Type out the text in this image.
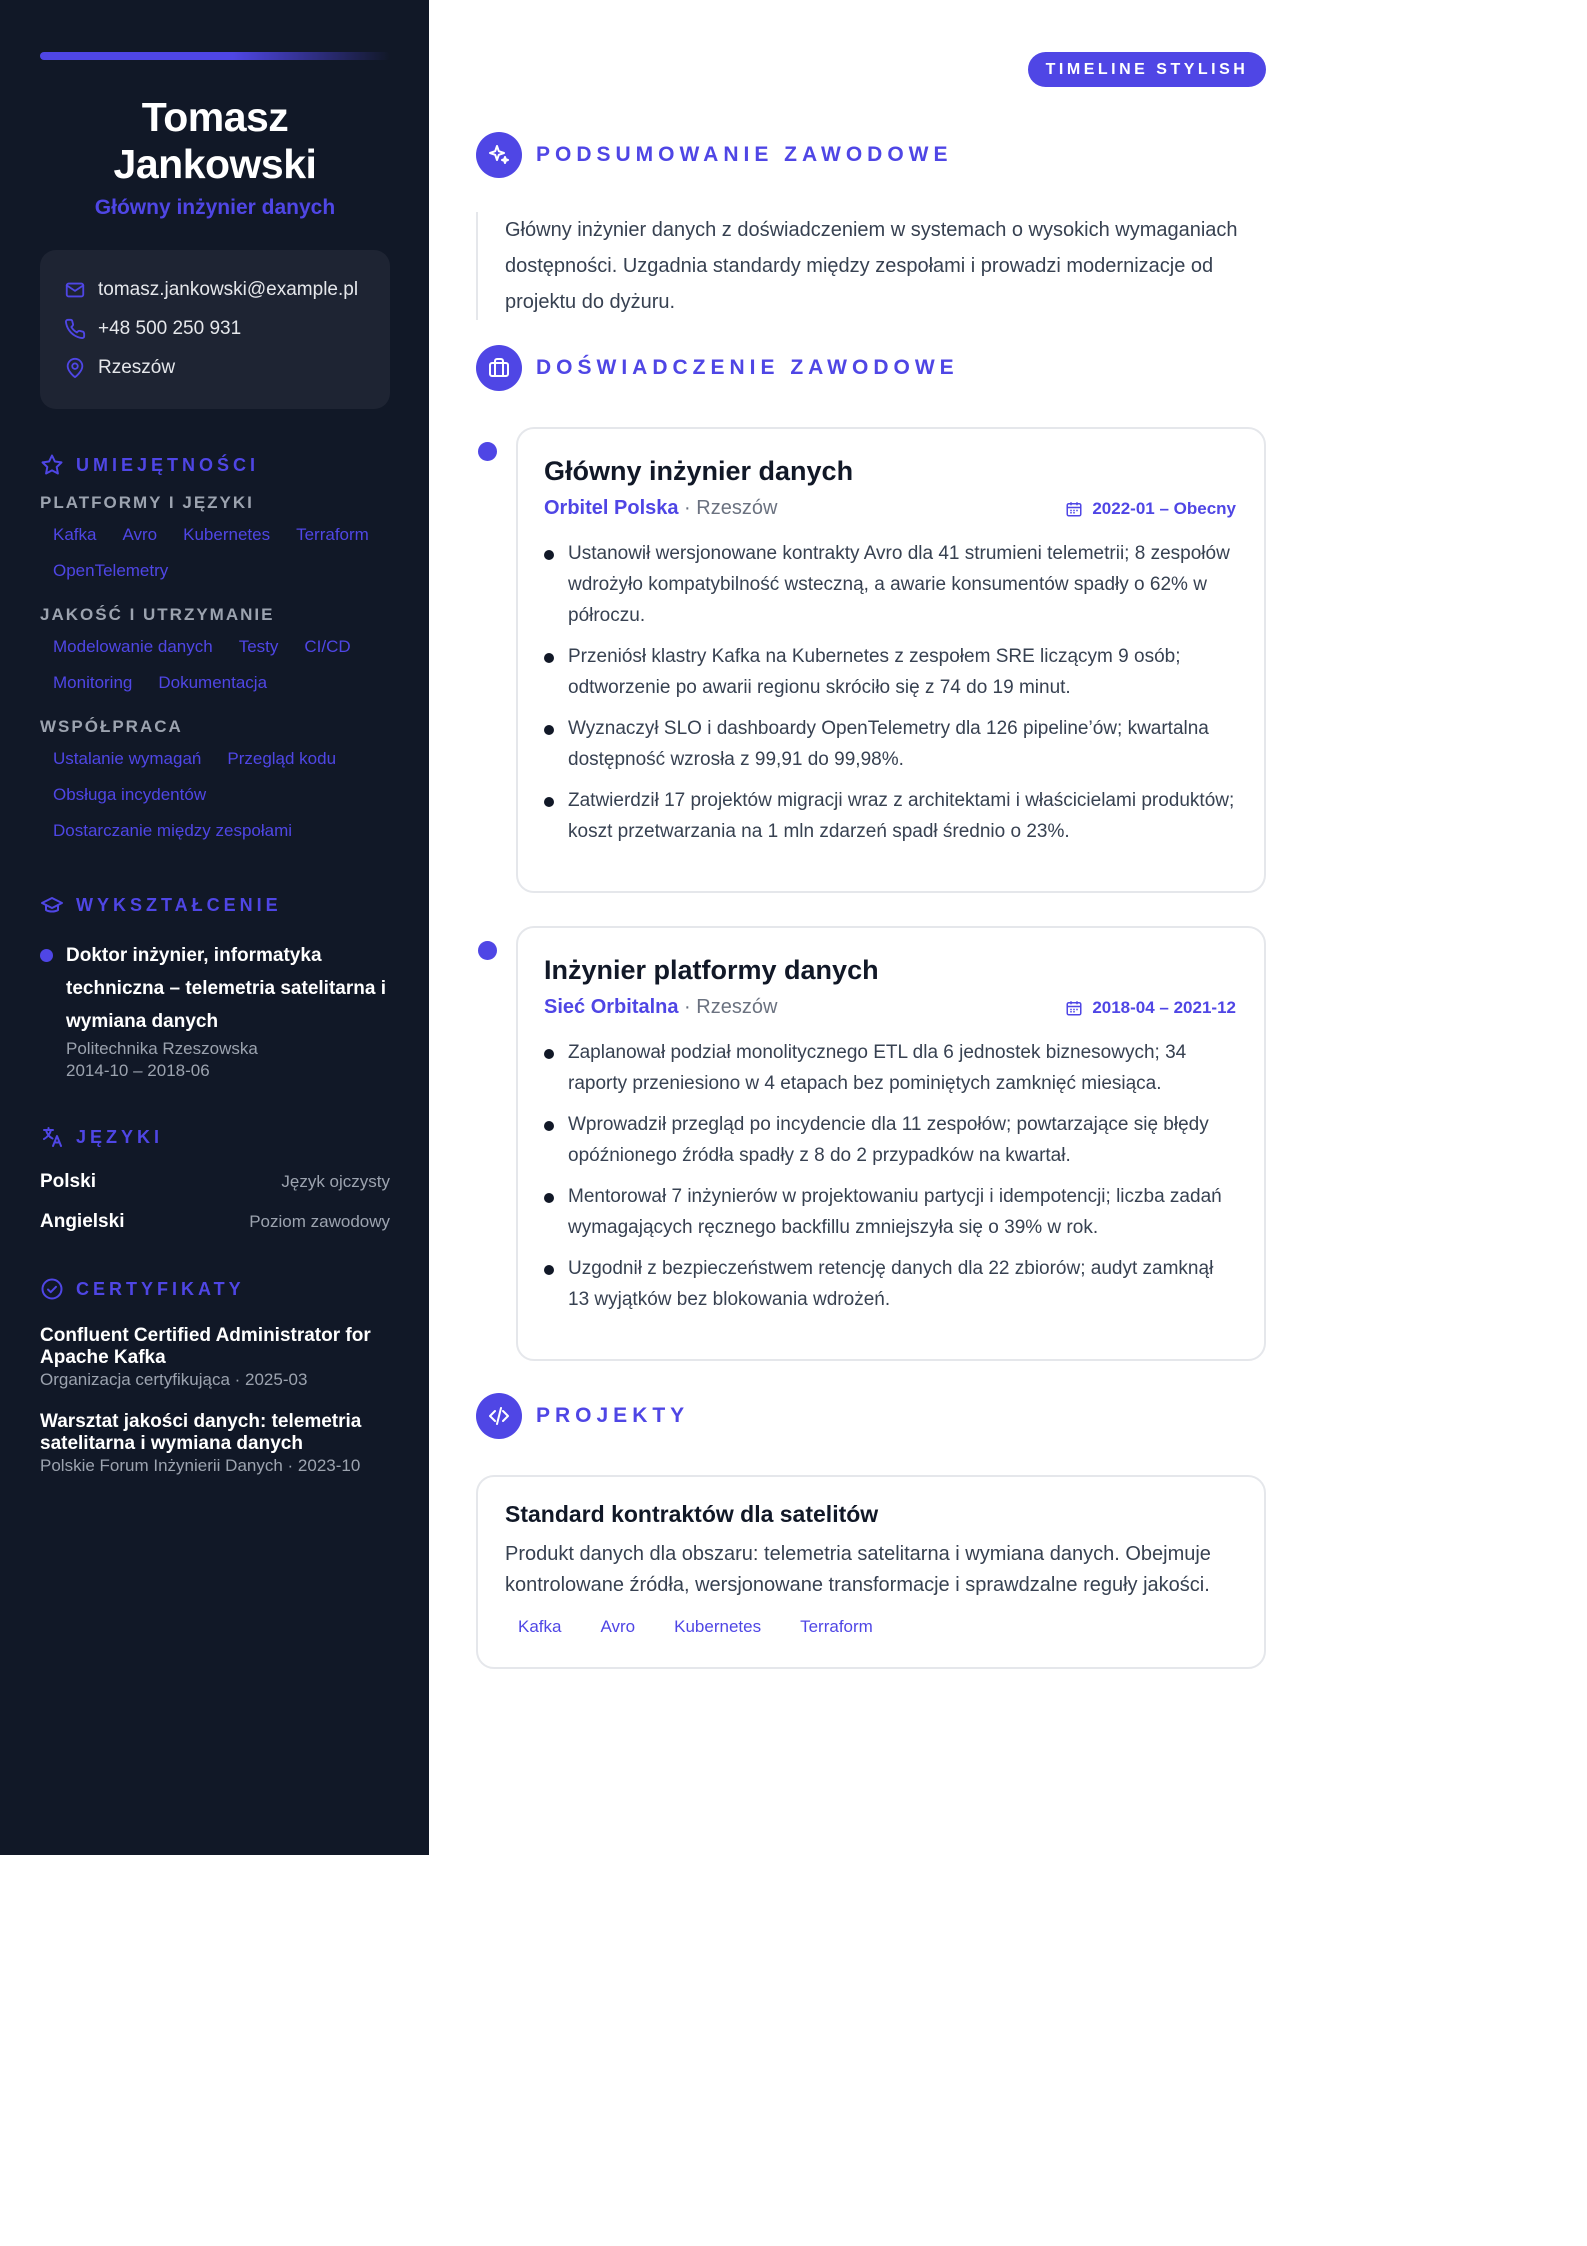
Tomasz Jankowski
Główny inżynier danych
tomasz.jankowski@example.pl
+48 500 250 931
Rzeszów
UMIEJĘTNOŚCI
PLATFORMY I JĘZYKI
Kafka	Avro	Kubernetes	Terraform
OpenTelemetry
JAKOŚĆ I UTRZYMANIE
Modelowanie danych	Testy	CI/CD
Monitoring	Dokumentacja
WSPÓŁPRACA
Ustalanie wymagań	Przegląd kodu
Obsługa incydentów
Dostarczanie między zespołami
WYKSZTAŁCENIE
Doktor inżynier, informatyka techniczna – telemetria satelitarna i wymiana danych
Politechnika Rzeszowska
2014-10 – 2018-06
JĘZYKI
Polski	Język ojczysty
Angielski	Poziom zawodowy
CERTYFIKATY
Confluent Certified Administrator for Apache Kafka
Organizacja certyfikująca · 2025-03
Warsztat jakości danych: telemetria satelitarna i wymiana danych
Polskie Forum Inżynierii Danych · 2023-10
TIMELINE STYLISH
PODSUMOWANIE ZAWODOWE

Główny inżynier danych z doświadczeniem w systemach o wysokich wymaganiach dostępności. Uzgadnia standardy między zespołami i prowadzi modernizacje od projektu do dyżuru.

DOŚWIADCZENIE ZAWODOWE
Główny inżynier danych
Orbitel Polska · Rzeszów	2022-01 – Obecny
Ustanowił wersjonowane kontrakty Avro dla 41 strumieni telemetrii; 8 zespołów wdrożyło kompatybilność wsteczną, a awarie konsumentów spadły o 62% w półroczu.
Przeniósł klastry Kafka na Kubernetes z zespołem SRE liczącym 9 osób; odtworzenie po awarii regionu skróciło się z 74 do 19 minut.
Wyznaczył SLO i dashboardy OpenTelemetry dla 126 pipeline’ów; kwartalna dostępność wzrosła z 99,91 do 99,98%.
Zatwierdził 17 projektów migracji wraz z architektami i właścicielami produktów; koszt przetwarzania na 1 mln zdarzeń spadł średnio o 23%.
Inżynier platformy danych
Sieć Orbitalna · Rzeszów	2018-04 – 2021-12
Zaplanował podział monolitycznego ETL dla 6 jednostek biznesowych; 34 raporty przeniesiono w 4 etapach bez pominiętych zamknięć miesiąca.
Wprowadził przegląd po incydencie dla 11 zespołów; powtarzające się błędy opóźnionego źródła spadły z 8 do 2 przypadków na kwartał.
Mentorował 7 inżynierów w projektowaniu partycji i idempotencji; liczba zadań wymagających ręcznego backfillu zmniejszyła się o 39% w rok.
Uzgodnił z bezpieczeństwem retencję danych dla 22 zbiorów; audyt zamknął 13 wyjątków bez blokowania wdrożeń.
PROJEKTY
Standard kontraktów dla satelitów
Produkt danych dla obszaru: telemetria satelitarna i wymiana danych. Obejmuje kontrolowane źródła, wersjonowane transformacje i sprawdzalne reguły jakości.
Kafka	Avro	Kubernetes	Terraform
